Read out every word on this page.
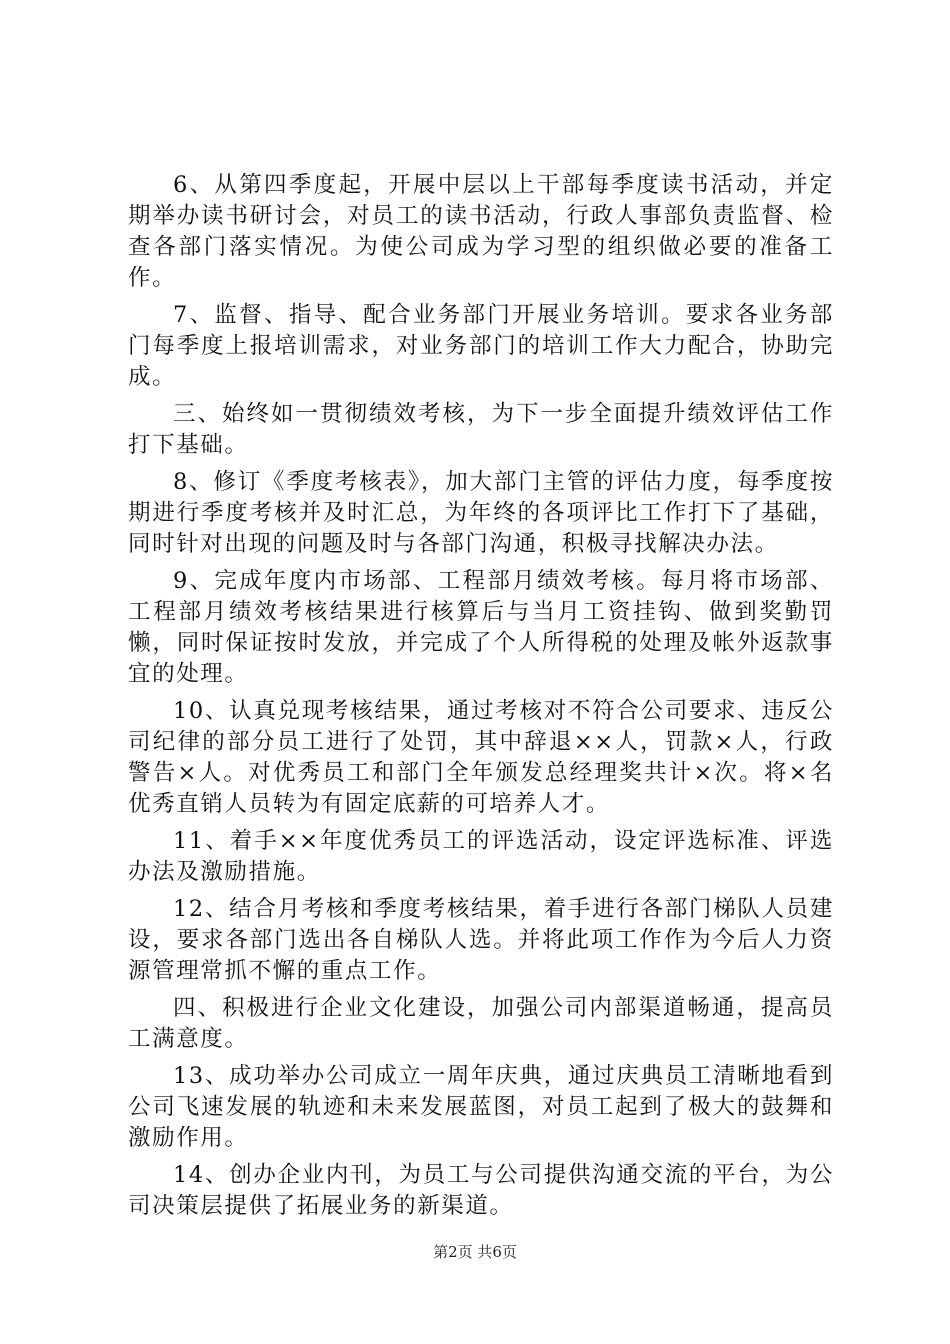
6、从第四季度起，开展中层以上干部每季度读书活动，并定期举办读书研讨会，对员工的读书活动，行政人事部负责监督、检查各部门落实情况。为使公司成为学习型的组织做必要的准备工作。

7、监督、指导、配合业务部门开展业务培训。要求各业务部门每季度上报培训需求，对业务部门的培训工作大力配合，协助完成。

三、始终如一贯彻绩效考核，为下一步全面提升绩效评估工作打下基础。

8、修订《季度考核表》，加大部门主管的评估力度，每季度按期进行季度考核并及时汇总，为年终的各项评比工作打下了基础，同时针对出现的问题及时与各部门沟通，积极寻找解决办法。

9、完成年度内市场部、工程部月绩效考核。每月将市场部、工程部月绩效考核结果进行核算后与当月工资挂钩、做到奖勤罚懒，同时保证按时发放，并完成了个人所得税的处理及帐外返款事宜的处理。

10、认真兑现考核结果，通过考核对不符合公司要求、违反公司纪律的部分员工进行了处罚，其中辞退××人，罚款×人，行政警告×人。对优秀员工和部门全年颁发总经理奖共计×次。将×名优秀直销人员转为有固定底薪的可培养人才。

11、着手××年度优秀员工的评选活动，设定评选标准、评选办法及激励措施。

12、结合月考核和季度考核结果，着手进行各部门梯队人员建设，要求各部门选出各自梯队人选。并将此项工作作为今后人力资源管理常抓不懈的重点工作。

四、积极进行企业文化建设，加强公司内部渠道畅通，提高员工满意度。

13、成功举办公司成立一周年庆典，通过庆典员工清晰地看到公司飞速发展的轨迹和未来发展蓝图，对员工起到了极大的鼓舞和激励作用。

14、创办企业内刊，为员工与公司提供沟通交流的平台，为公司决策层提供了拓展业务的新渠道。

第2页 共6页
